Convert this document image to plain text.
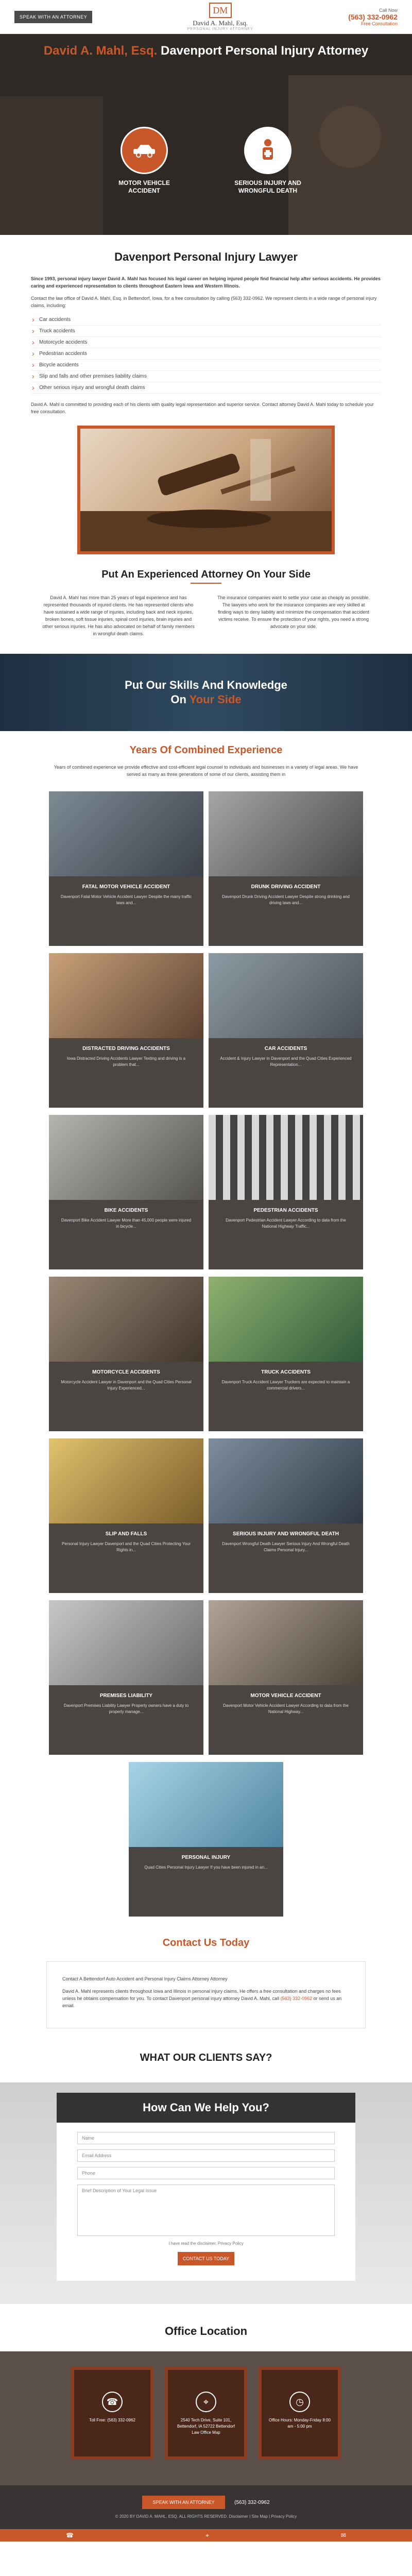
SPEAK WITH AN ATTORNEY
DM
David A. Mahl, Esq.
PERSONAL INJURY ATTORNEY
Call Now
(563) 332-0962
Free Consultation
David A. Mahl, Esq. Davenport Personal Injury Attorney
MOTOR VEHICLE ACCIDENT
SERIOUS INJURY AND WRONGFUL DEATH
Davenport Personal Injury Lawyer

Since 1993, personal injury lawyer David A. Mahl has focused his legal career on helping injured people find financial help after serious accidents. He provides caring and experienced representation to clients throughout Eastern Iowa and Western Illinois.

Contact the law office of David A. Mahl, Esq. in Bettendorf, Iowa, for a free consultation by calling (563) 332-0962. We represent clients in a wide range of personal injury claims, including:

› Car accidents
› Truck accidents
› Motorcycle accidents
› Pedestrian accidents
› Bicycle accidents
› Slip and falls and other premises liability claims
› Other serious injury and wrongful death claims

David A. Mahl is committed to providing each of his clients with quality legal representation and superior service. Contact attorney David A. Mahl today to schedule your free consultation.

Put An Experienced Attorney On Your Side

David A. Mahl has more than 25 years of legal experience and has represented thousands of injured clients. He has represented clients who have sustained a wide range of injuries, including back and neck injuries, broken bones, soft tissue injuries, spinal cord injuries, brain injuries and other serious injuries. He has also advocated on behalf of family members in wrongful death claims.

The insurance companies want to settle your case as cheaply as possible. The lawyers who work for the insurance companies are very skilled at finding ways to deny liability and minimize the compensation that accident victims receive. To ensure the protection of your rights, you need a strong advocate on your side.

Put Our Skills And Knowledge
On Your Side
Years Of Combined Experience

Years of combined experience we provide effective and cost-efficient legal counsel to individuals and businesses in a variety of legal areas. We have served as many as three generations of some of our clients, assisting them in

FATAL MOTOR VEHICLE ACCIDENT
Davenport Fatal Motor Vehicle Accident Lawyer Despite the many traffic laws and...
DRUNK DRIVING ACCIDENT
Davenport Drunk Driving Accident Lawyer Despite strong drinking and driving laws and...
DISTRACTED DRIVING ACCIDENTS
Iowa Distracted Driving Accidents Lawyer Texting and driving is a problem that...
CAR ACCIDENTS
Accident & Injury Lawyer in Davenport and the Quad Cities Experienced Representation...
BIKE ACCIDENTS
Davenport Bike Accident Lawyer More than 45,000 people were injured in bicycle...
PEDESTRIAN ACCIDENTS
Davenport Pedestrian Accident Lawyer According to data from the National Highway Traffic...
MOTORCYCLE ACCIDENTS
Motorcycle Accident Lawyer in Davenport and the Quad Cities Personal Injury Experienced...
TRUCK ACCIDENTS
Davenport Truck Accident Lawyer Truckers are expected to maintain a commercial drivers...
SLIP AND FALLS
Personal Injury Lawyer Davenport and the Quad Cities Protecting Your Rights in...
SERIOUS INJURY AND WRONGFUL DEATH
Davenport Wrongful Death Lawyer Serious Injury And Wrongful Death Claims Personal Injury...
PREMISES LIABILITY
Davenport Premises Liability Lawyer Property owners have a duty to properly manage...
MOTOR VEHICLE ACCIDENT
Davenport Motor Vehicle Accident Lawyer According to data from the National Highway...
PERSONAL INJURY
Quad Cities Personal Injury Lawyer If you have been injured in an...
Contact Us Today

Contact A Bettendorf Auto Accident and Personal Injury Claims Attorney Attorney

David A. Mahl represents clients throughout Iowa and Illinois in personal injury claims. He offers a free consultation and charges no fees unless he obtains compensation for you. To contact Davenport personal injury attorney David A. Mahl, call (563) 332-0962 or send us an email.

WHAT OUR CLIENTS SAY?
How Can We Help You?
Name
Email Address
Phone
Brief Description of Your Legal Issue
I have read the disclaimer. Privacy Policy
CONTACT US TODAY
Office Location
☎
Toll Free: (563) 332-0962
⌖
2540 Tech Drive, Suite 101, Bettendorf, IA 52722 Bettendorf Law Office Map
◷
Office Hours: Monday-Friday 8:00 am - 5:00 pm
SPEAK WITH AN ATTORNEY	(563) 332-0962
© 2020 BY DAVID A. MAHL, ESQ. ALL RIGHTS RESERVED. Disclaimer | Site Map | Privacy Policy
☎	⌖	✉
